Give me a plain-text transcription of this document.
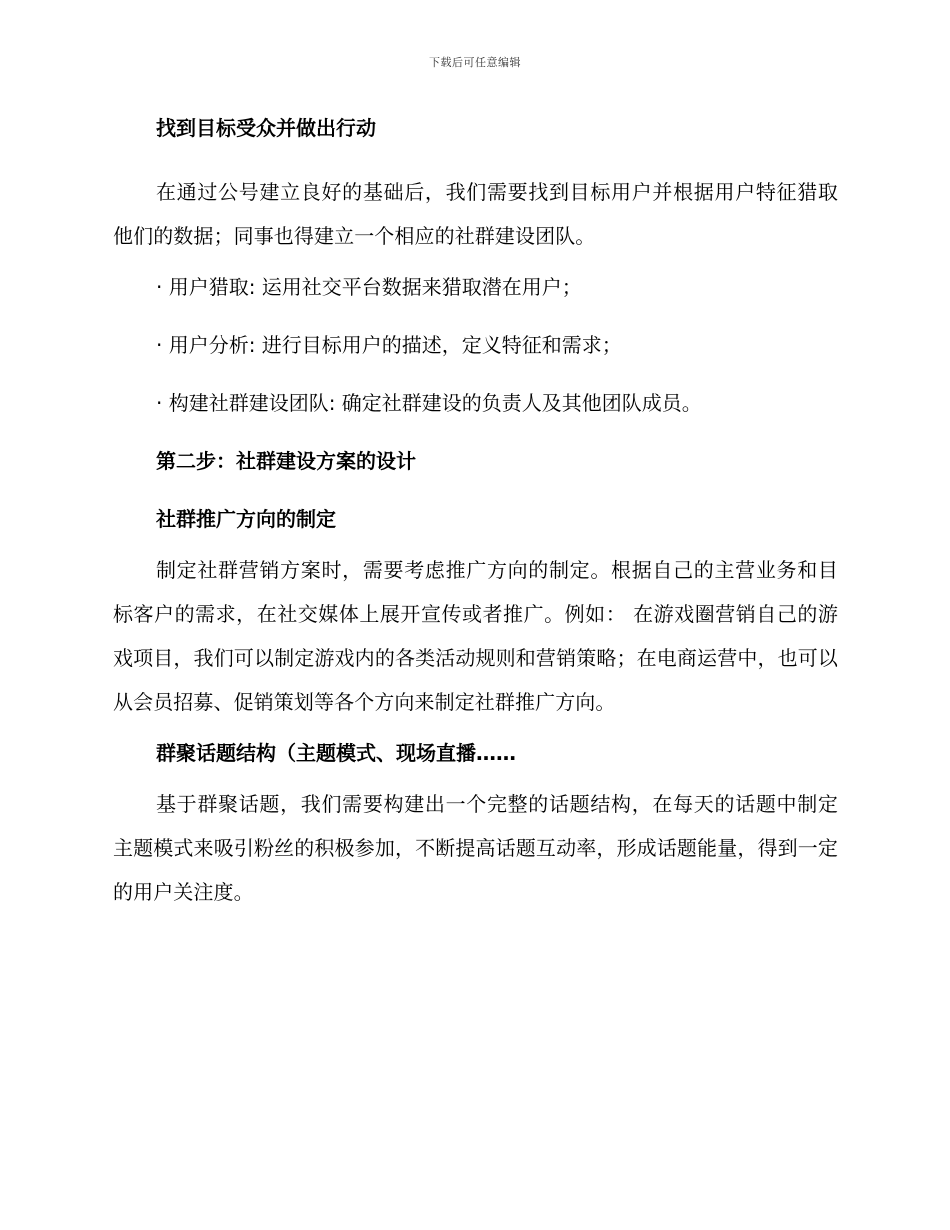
下载后可任意编辑

找到目标受众并做出行动

在通过公号建立良好的基础后，我们需要找到目标用户并根据用户特征猎取他们的数据；同事也得建立一个相应的社群建设团队。

· 用户猎取: 运用社交平台数据来猎取潜在用户；

· 用户分析: 进行目标用户的描述，定义特征和需求；

· 构建社群建设团队: 确定社群建设的负责人及其他团队成员。

第二步：社群建设方案的设计

社群推广方向的制定

制定社群营销方案时，需要考虑推广方向的制定。根据自己的主营业务和目标客户的需求，在社交媒体上展开宣传或者推广。例如： 在游戏圈营销自己的游戏项目，我们可以制定游戏内的各类活动规则和营销策略；在电商运营中，也可以从会员招募、促销策划等各个方向来制定社群推广方向。

群聚话题结构（主题模式、现场直播……

基于群聚话题，我们需要构建出一个完整的话题结构，在每天的话题中制定主题模式来吸引粉丝的积极参加，不断提高话题互动率，形成话题能量，得到一定的用户关注度。
